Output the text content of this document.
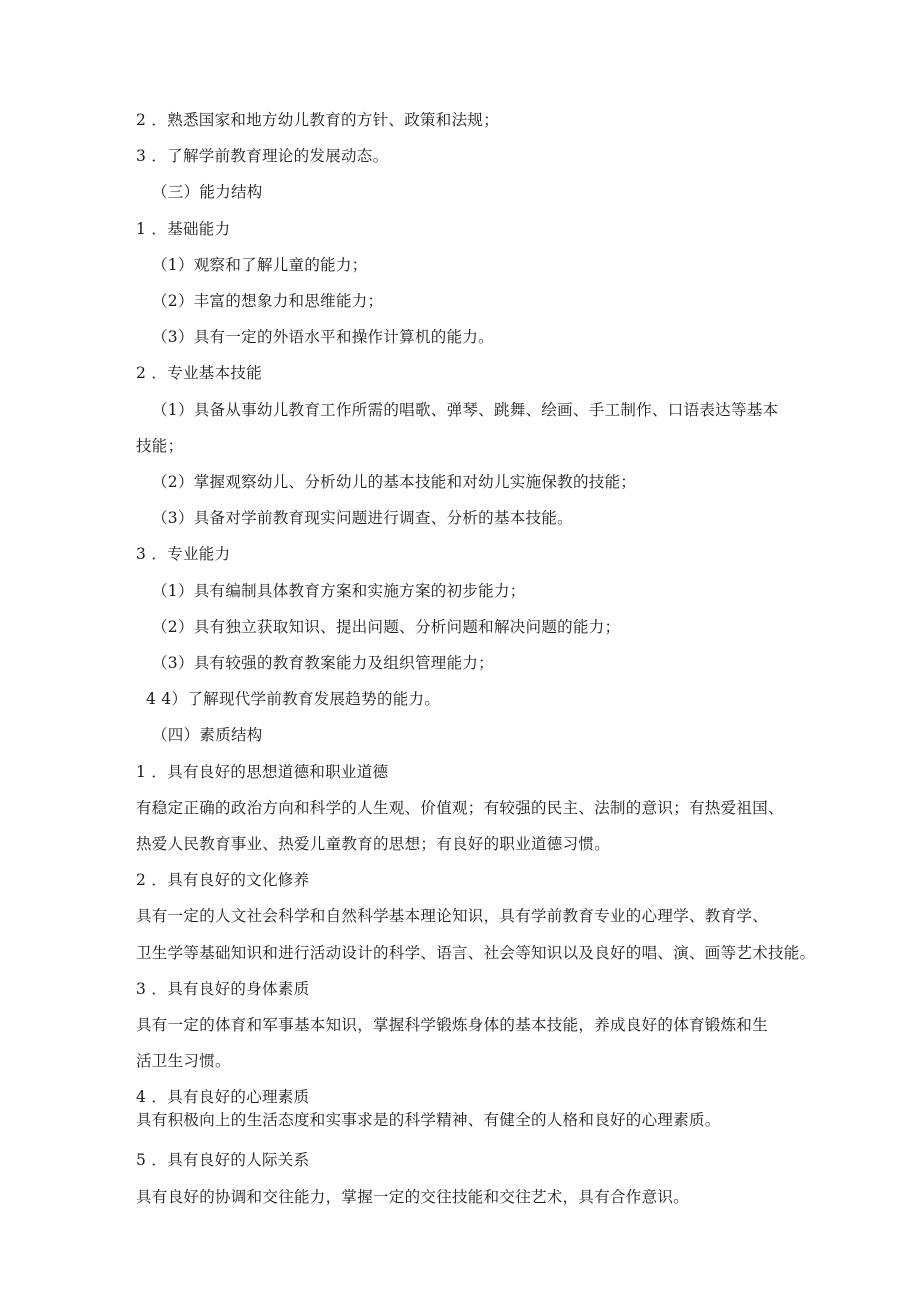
2 ．熟悉国家和地方幼儿教育的方针、政策和法规；
3 ．了解学前教育理论的发展动态。
（三）能力结构
1 ．基础能力
（1）观察和了解儿童的能力；
（2）丰富的想象力和思维能力；
（3）具有一定的外语水平和操作计算机的能力。
2 ．专业基本技能
（1）具备从事幼儿教育工作所需的唱歌、弹琴、跳舞、绘画、手工制作、口语表达等基本
技能；
（2）掌握观察幼儿、分析幼儿的基本技能和对幼儿实施保教的技能；
（3）具备对学前教育现实问题进行调查、分析的基本技能。
3 ．专业能力
（1）具有编制具体教育方案和实施方案的初步能力；
（2）具有独立获取知识、提出问题、分析问题和解决问题的能力；
（3）具有较强的教育教案能力及组织管理能力；
4 4）了解现代学前教育发展趋势的能力。
（四）素质结构
1 ．具有良好的思想道德和职业道德
有稳定正确的政治方向和科学的人生观、价值观；有较强的民主、法制的意识；有热爱祖国、
热爱人民教育事业、热爱儿童教育的思想；有良好的职业道德习惯。
2 ．具有良好的文化修养
具有一定的人文社会科学和自然科学基本理论知识，具有学前教育专业的心理学、教育学、
卫生学等基础知识和进行活动设计的科学、语言、社会等知识以及良好的唱、演、画等艺术技能。
3 ．具有良好的身体素质
具有一定的体育和军事基本知识，掌握科学锻炼身体的基本技能，养成良好的体育锻炼和生
活卫生习惯。
4 ．具有良好的心理素质
具有积极向上的生活态度和实事求是的科学精神、有健全的人格和良好的心理素质。
5 ．具有良好的人际关系
具有良好的协调和交往能力，掌握一定的交往技能和交往艺术，具有合作意识。
